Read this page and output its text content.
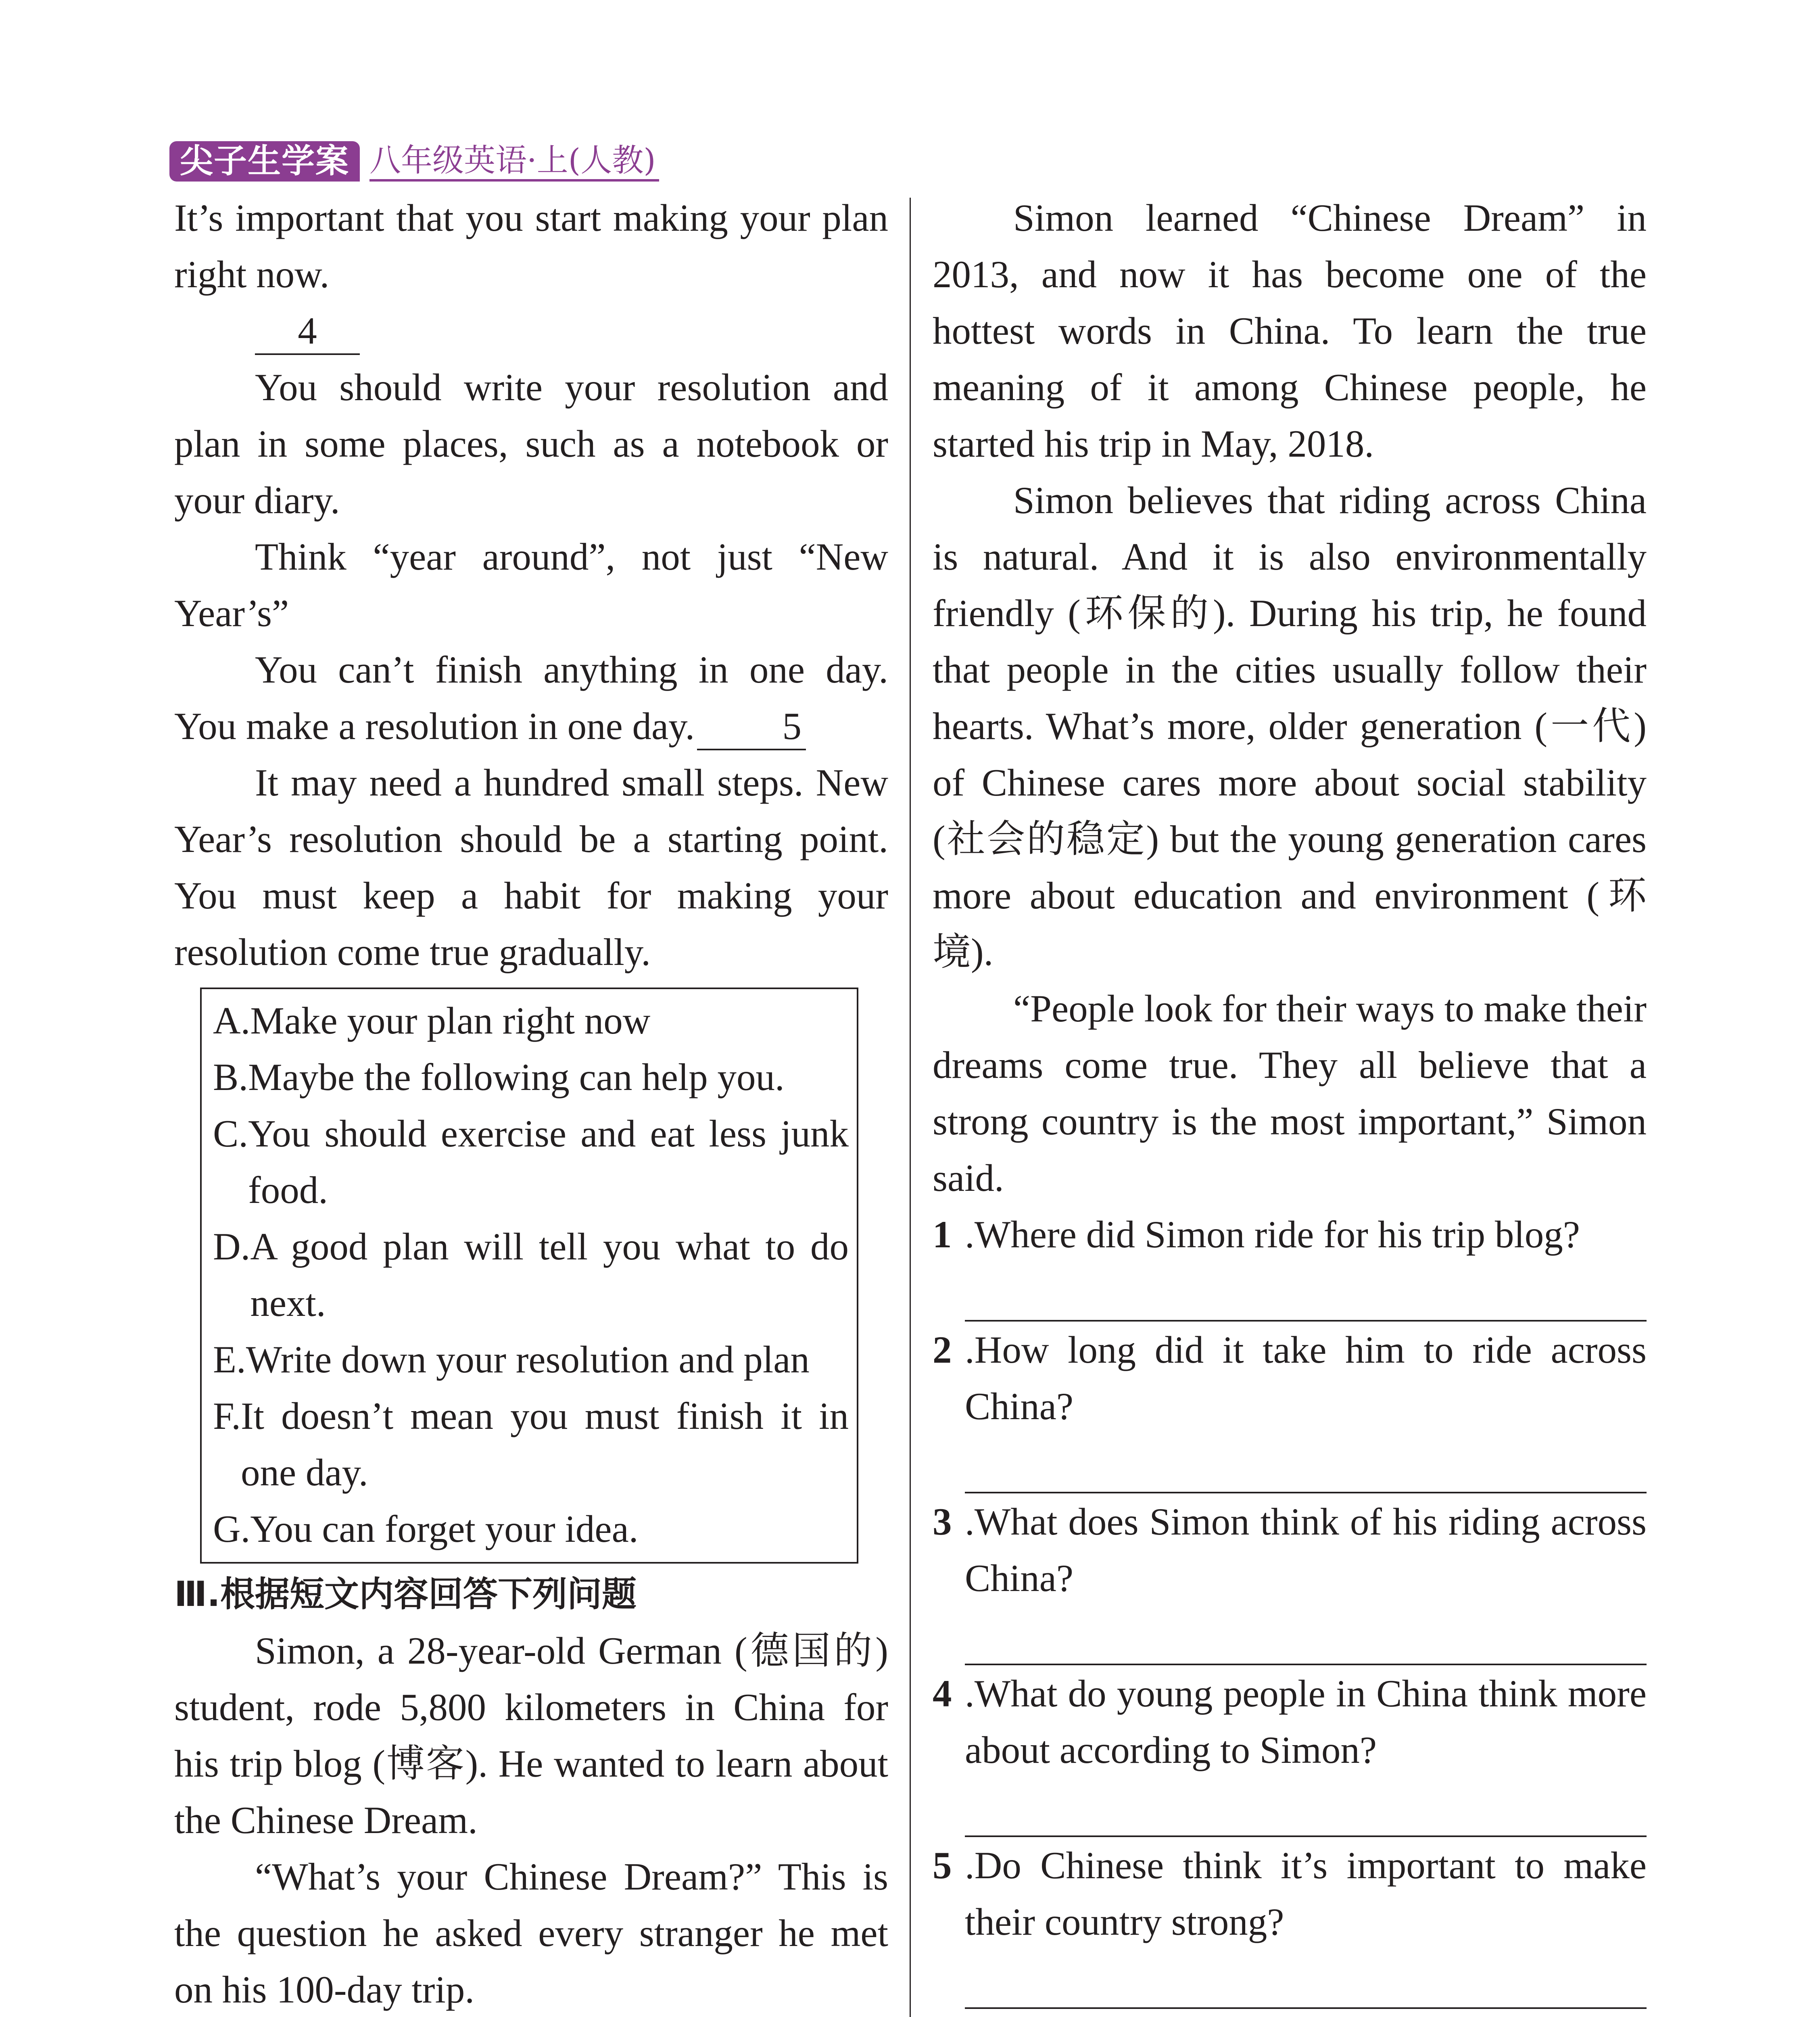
尖子生学案 八年级英语·上(人教)

It’s important that you start making your plan right now.

4

You should write your resolution and plan in some places, such as a notebook or your diary.

Think “year around”, not just “New Year’s”

You can’t finish anything in one day. You make a resolution in one day. 5

It may need a hundred small steps. New Year’s resolution should be a starting point. You must keep a habit for making your resolution come true gradually.

A. Make your plan right now
B. Maybe the following can help you.
C. You should exercise and eat less junk food.
D. A good plan will tell you what to do next.
E. Write down your resolution and plan
F. It doesn’t mean you must finish it in one day.
G. You can forget your idea.
Ⅲ.根据短文内容回答下列问题

Simon, a 28-year-old German (德国的) student, rode 5,800 kilometers in China for his trip blog (博客). He wanted to learn about the Chinese Dream.

“What’s your Chinese Dream?” This is the question he asked every stranger he met on his 100-day trip.

Simon learned “Chinese Dream” in 2013, and now it has become one of the hottest words in China. To learn the true meaning of it among Chinese people, he started his trip in May, 2018.

Simon believes that riding across China is natural. And it is also environmentally friendly (环保的). During his trip, he found that people in the cities usually follow their hearts. What’s more, older generation (一代) of Chinese cares more about social stability (社会的稳定) but the young generation cares more about education and environment (环境).

“People look for their ways to make their dreams come true. They all believe that a strong country is the most important,” Simon said.

1 .Where did Simon ride for his trip blog?
2 .How long did it take him to ride across China?
3 .What does Simon think of his riding across China?
4 .What do young people in China think more about according to Simon?
5 .Do Chinese think it’s important to make their country strong?
